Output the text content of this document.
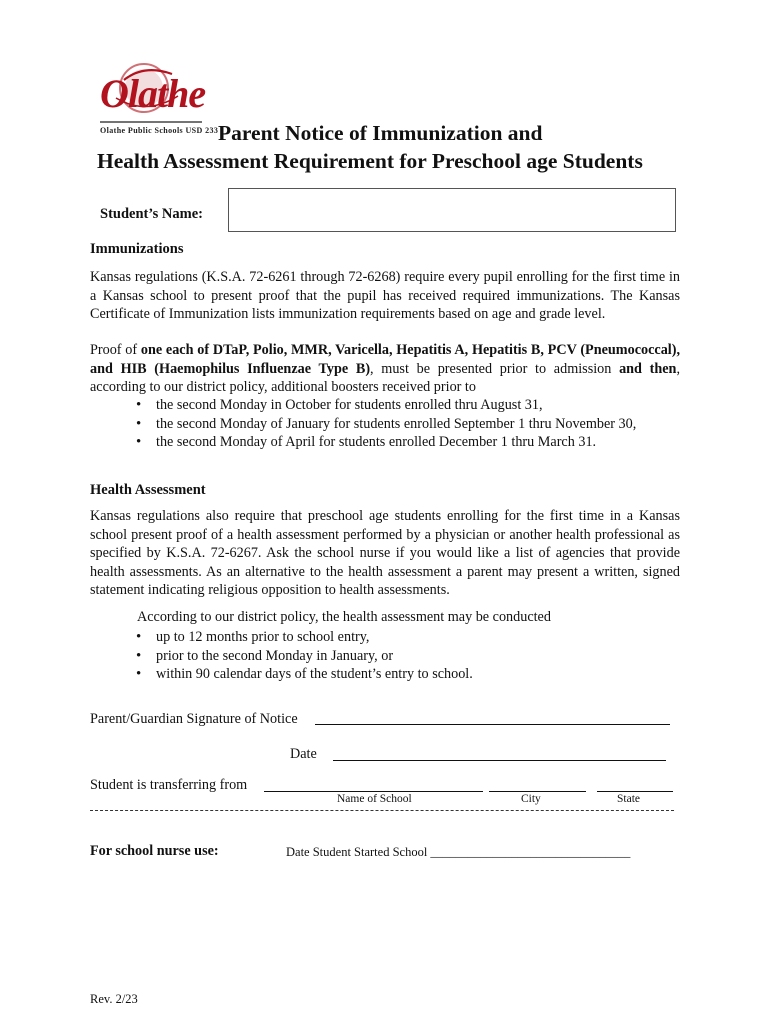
Olathe
Olathe Public Schools USD 233 Parent Notice of Immunization and
Health Assessment Requirement for Preschool age Students
Student’s Name:
Immunizations
Kansas regulations (K.S.A. 72-6261 through 72-6268) require every pupil enrolling for the first time in a Kansas school to present proof that the pupil has received required immunizations. The Kansas Certificate of Immunization lists immunization requirements based on age and grade level.
Proof of one each of DTaP, Polio, MMR, Varicella, Hepatitis A, Hepatitis B, PCV (Pneumococcal), and HIB (Haemophilus Influenzae Type B), must be presented prior to admission and then, according to our district policy, additional boosters received prior to
• the second Monday in October for students enrolled thru August 31,
• the second Monday of January for students enrolled September 1 thru November 30,
• the second Monday of April for students enrolled December 1 thru March 31.
Health Assessment
Kansas regulations also require that preschool age students enrolling for the first time in a Kansas school present proof of a health assessment performed by a physician or another health professional as specified by K.S.A. 72-6267. Ask the school nurse if you would like a list of agencies that provide health assessments. As an alternative to the health assessment a parent may present a written, signed statement indicating religious opposition to health assessments.
According to our district policy, the health assessment may be conducted
• up to 12 months prior to school entry,
• prior to the second Monday in January, or
• within 90 calendar days of the student’s entry to school.
Parent/Guardian Signature of Notice
Date
Student is transferring from
Name of School	City	State
For school nurse use:	Date Student Started School ________________________________
Rev. 2/23
